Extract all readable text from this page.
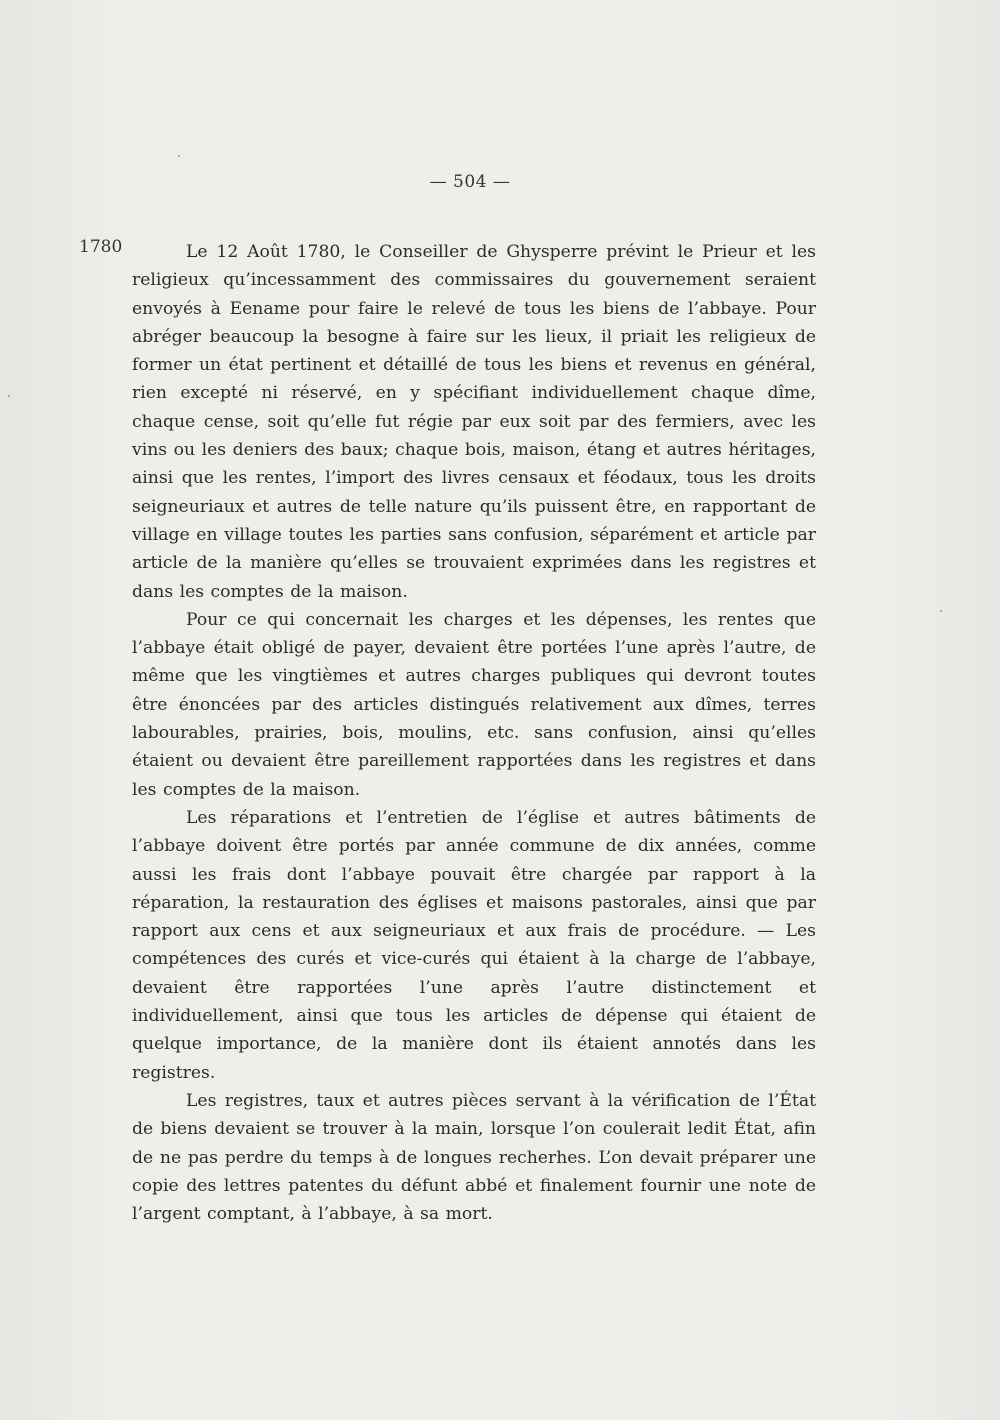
— 504 —
1780	Le 12 Août 1780, le Conseiller de Ghysperre prévint le Prieur et les religieux qu’incessamment des commissaires du gouvernement seraient envoyés à Eename pour faire le relevé de tous les biens de l’abbaye. Pour abréger beaucoup la besogne à faire sur les lieux, il priait les religieux de former un état pertinent et détaillé de tous les biens et revenus en général, rien excepté ni réservé, en y spécifiant individuellement chaque dîme, chaque cense, soit qu’elle fut régie par eux soit par des fermiers, avec les vins ou les deniers des baux; chaque bois, maison, étang et autres héritages, ainsi que les rentes, l’import des livres censaux et féodaux, tous les droits seigneuriaux et autres de telle nature qu’ils puissent être, en rapportant de village en village toutes les parties sans confusion, séparément et article par article de la manière qu’elles se trouvaient exprimées dans les registres et dans les comptes de la maison.

Pour ce qui concernait les charges et les dépenses, les rentes que l’abbaye était obligé de payer, devaient être portées l’une après l’autre, de même que les vingtièmes et autres charges publiques qui devront toutes être énoncées par des articles distingués relativement aux dîmes, terres labourables, prairies, bois, moulins, etc. sans confusion, ainsi qu’elles étaient ou devaient être pareillement rapportées dans les registres et dans les comptes de la maison.

Les réparations et l’entretien de l’église et autres bâtiments de l’abbaye doivent être portés par année commune de dix années, comme aussi les frais dont l’abbaye pouvait être chargée par rapport à la réparation, la restauration des églises et maisons pastorales, ainsi que par rapport aux cens et aux seigneuriaux et aux frais de procédure. — Les compétences des curés et vice-curés qui étaient à la charge de l’abbaye, devaient être rapportées l’une après l’autre distinctement et individuellement, ainsi que tous les articles de dépense qui étaient de quelque importance, de la manière dont ils étaient annotés dans les registres.

Les registres, taux et autres pièces servant à la vérification de l’État de biens devaient se trouver à la main, lorsque l’on coulerait ledit État, afin de ne pas perdre du temps à de longues recherhes. L’on devait préparer une copie des lettres patentes du défunt abbé et finalement fournir une note de l’argent comptant, à l’abbaye, à sa mort.
